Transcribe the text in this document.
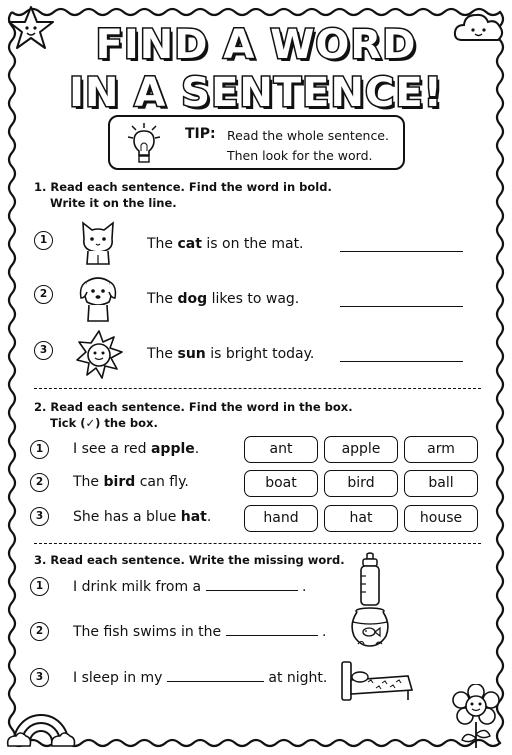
FIND A WORD
IN A SENTENCE!
TIP: Read the whole sentence.
Then look for the word.
1. Read each sentence. Find the word in bold.
Write it on the line.
1	The cat is on the mat.
2	The dog likes to wag.
3	The sun is bright today.
2. Read each sentence. Find the word in the box.
Tick (✓) the box.
1	I see a red apple.	ant	apple	arm
2	The bird can fly.	boat	bird	ball
3	She has a blue hat.	hand	hat	house
3. Read each sentence. Write the missing word.
1	I drink milk from a	.
2	The fish swims in the	.
3	I sleep in my	at night.
